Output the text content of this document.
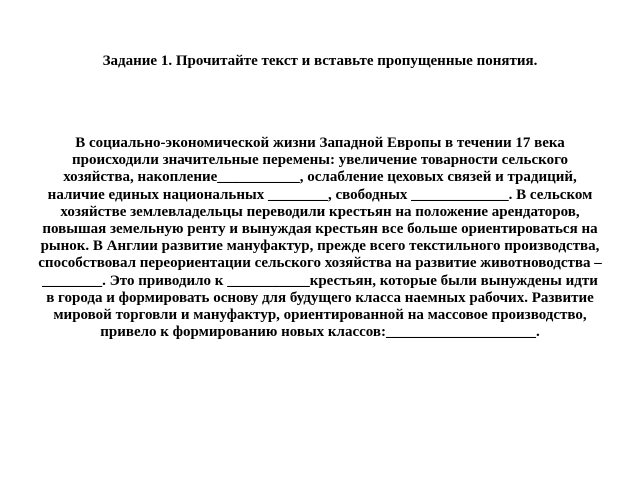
Задание 1. Прочитайте текст и вставьте пропущенные понятия.

В социально-экономической жизни Западной Европы в течении 17 века происходили значительные перемены: увеличение товарности сельского хозяйства, накопление___________, ослабление цеховых связей и традиций, наличие единых национальных ________, свободных _____________. В сельском хозяйстве землевладельцы переводили крестьян на положение арендаторов, повышая земельную ренту и вынуждая крестьян все больше ориентироваться на рынок. В Англии развитие мануфактур, прежде всего текстильного производства, способствовал переориентации сельского хозяйства на развитие животноводства –________. Это приводило к ___________крестьян, которые были вынуждены идти в города и формировать основу для будущего класса наемных рабочих. Развитие мировой торговли и мануфактур, ориентированной на массовое производство, привело к формированию новых классов:____________________.
